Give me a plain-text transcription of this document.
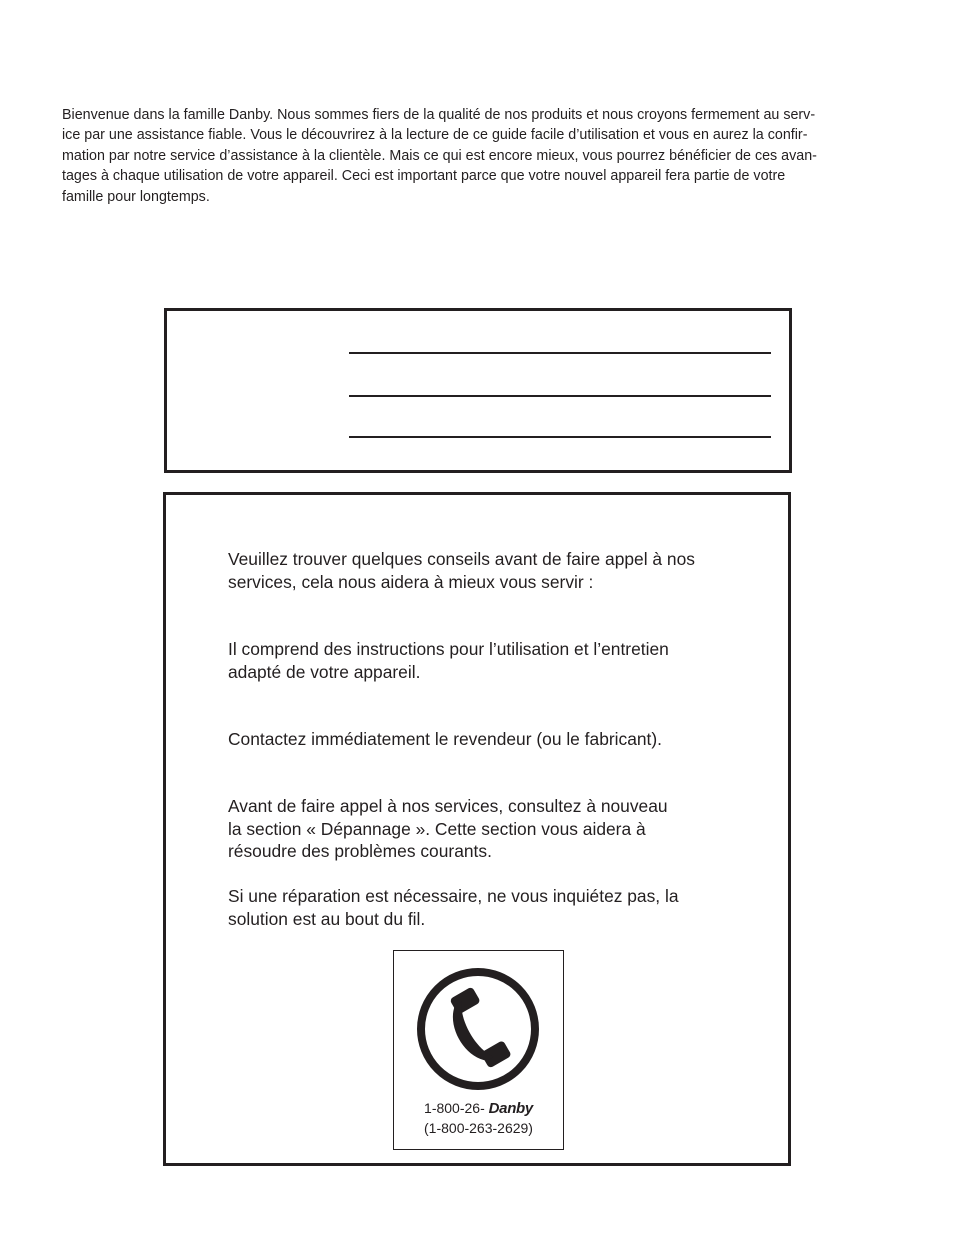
Bienvenue dans la famille Danby. Nous sommes fiers de la qualité de nos produits et nous croyons fermement au serv-
ice par une assistance fiable. Vous le découvrirez à la lecture de ce guide facile d’utilisation et vous en aurez la confir-
mation par notre service d’assistance à la clientèle. Mais ce qui est encore mieux, vous pourrez bénéficier de ces avan-
tages à chaque utilisation de votre appareil. Ceci est important parce que votre nouvel appareil fera partie de votre
famille pour longtemps.

Veuillez trouver quelques conseils avant de faire appel à nos
services, cela nous aidera à mieux vous servir :

Il comprend des instructions pour l’utilisation et l’entretien
adapté de votre appareil.

Contactez immédiatement le revendeur (ou le fabricant).

Avant de faire appel à nos services, consultez à nouveau
la section « Dépannage ». Cette section vous aidera à
résoudre des problèmes courants.

Si une réparation est nécessaire, ne vous inquiétez pas, la
solution est au bout du fil.

1-800-26- Danby
(1-800-263-2629)
